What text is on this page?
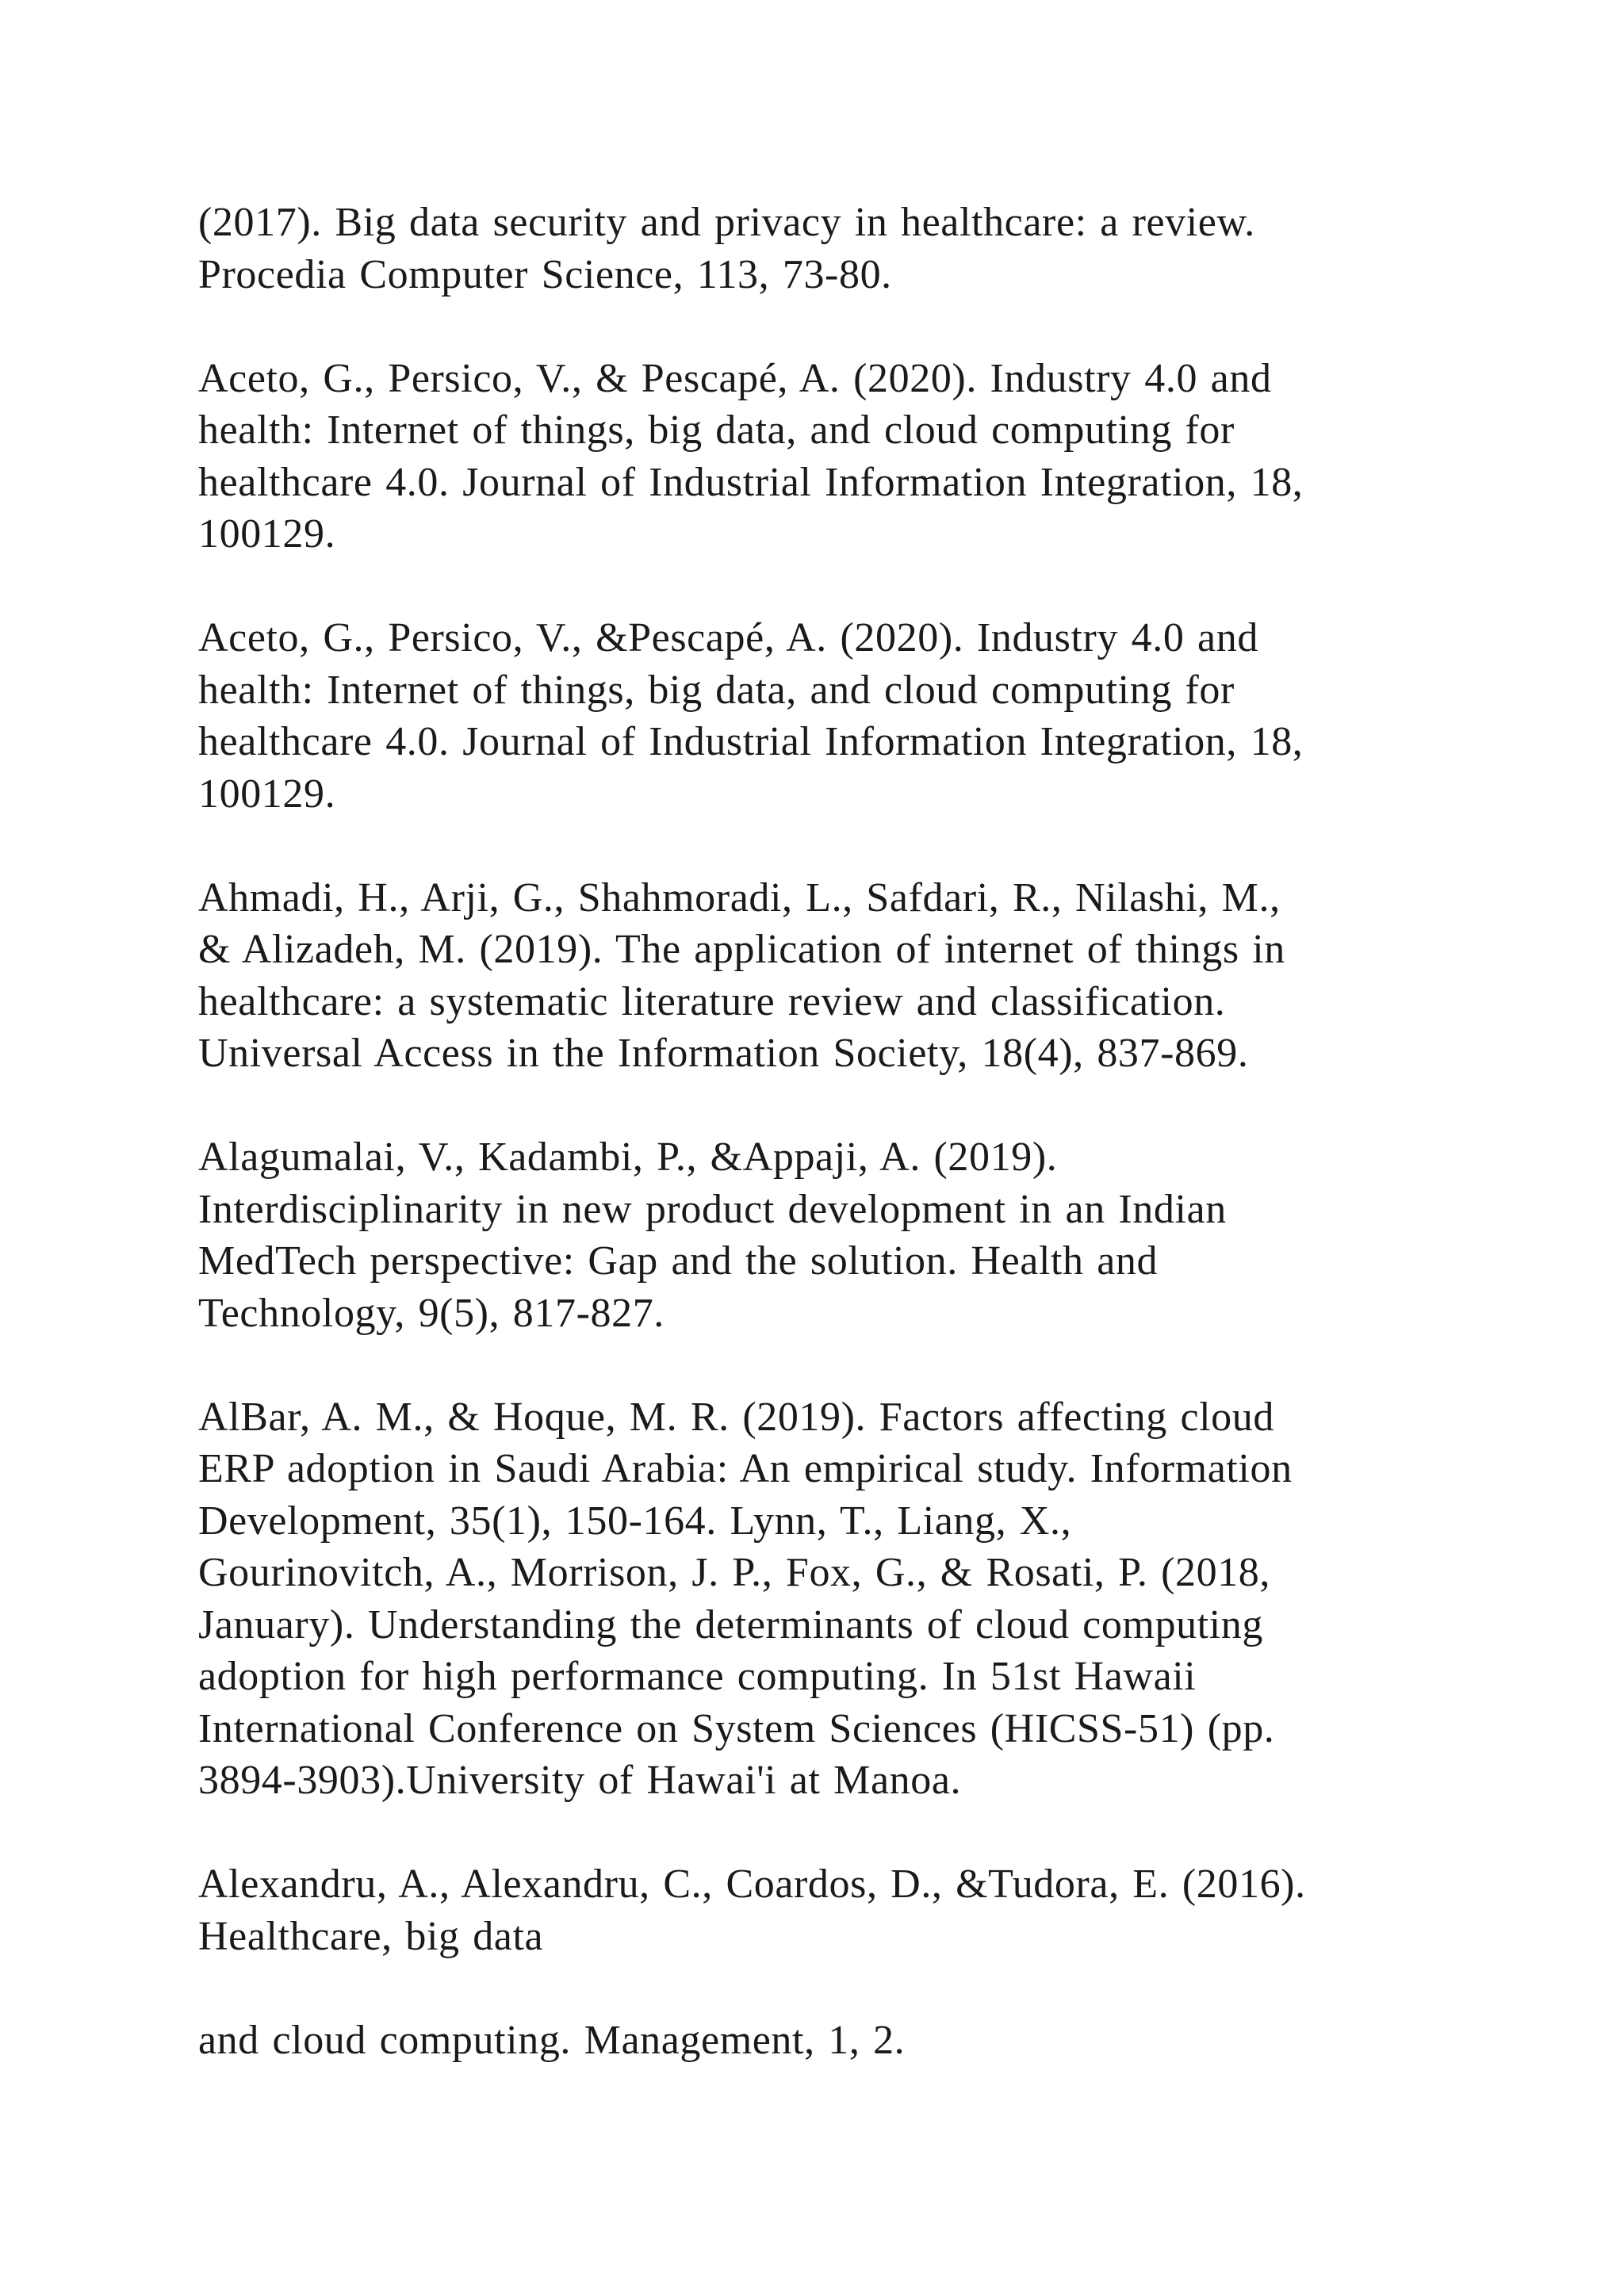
(2017). Big data security and privacy in healthcare: a review.
Procedia Computer Science, 113, 73-80.
Aceto, G., Persico, V., & Pescapé, A. (2020). Industry 4.0 and
health: Internet of things, big data, and cloud computing for
healthcare 4.0. Journal of Industrial Information Integration, 18,
100129.
Aceto, G., Persico, V., &Pescapé, A. (2020). Industry 4.0 and
health: Internet of things, big data, and cloud computing for
healthcare 4.0. Journal of Industrial Information Integration, 18,
100129.
Ahmadi, H., Arji, G., Shahmoradi, L., Safdari, R., Nilashi, M.,
& Alizadeh, M. (2019). The application of internet of things in
healthcare: a systematic literature review and classification.
Universal Access in the Information Society, 18(4), 837-869.
Alagumalai, V., Kadambi, P., &Appaji, A. (2019).
Interdisciplinarity in new product development in an Indian
MedTech perspective: Gap and the solution. Health and
Technology, 9(5), 817-827.
AlBar, A. M., & Hoque, M. R. (2019). Factors affecting cloud
ERP adoption in Saudi Arabia: An empirical study. Information
Development, 35(1), 150-164. Lynn, T., Liang, X.,
Gourinovitch, A., Morrison, J. P., Fox, G., & Rosati, P. (2018,
January). Understanding the determinants of cloud computing
adoption for high performance computing. In 51st Hawaii
International Conference on System Sciences (HICSS-51) (pp.
3894-3903).University of Hawai'i at Manoa.
Alexandru, A., Alexandru, C., Coardos, D., &Tudora, E. (2016).
Healthcare, big data
and cloud computing. Management, 1, 2.
